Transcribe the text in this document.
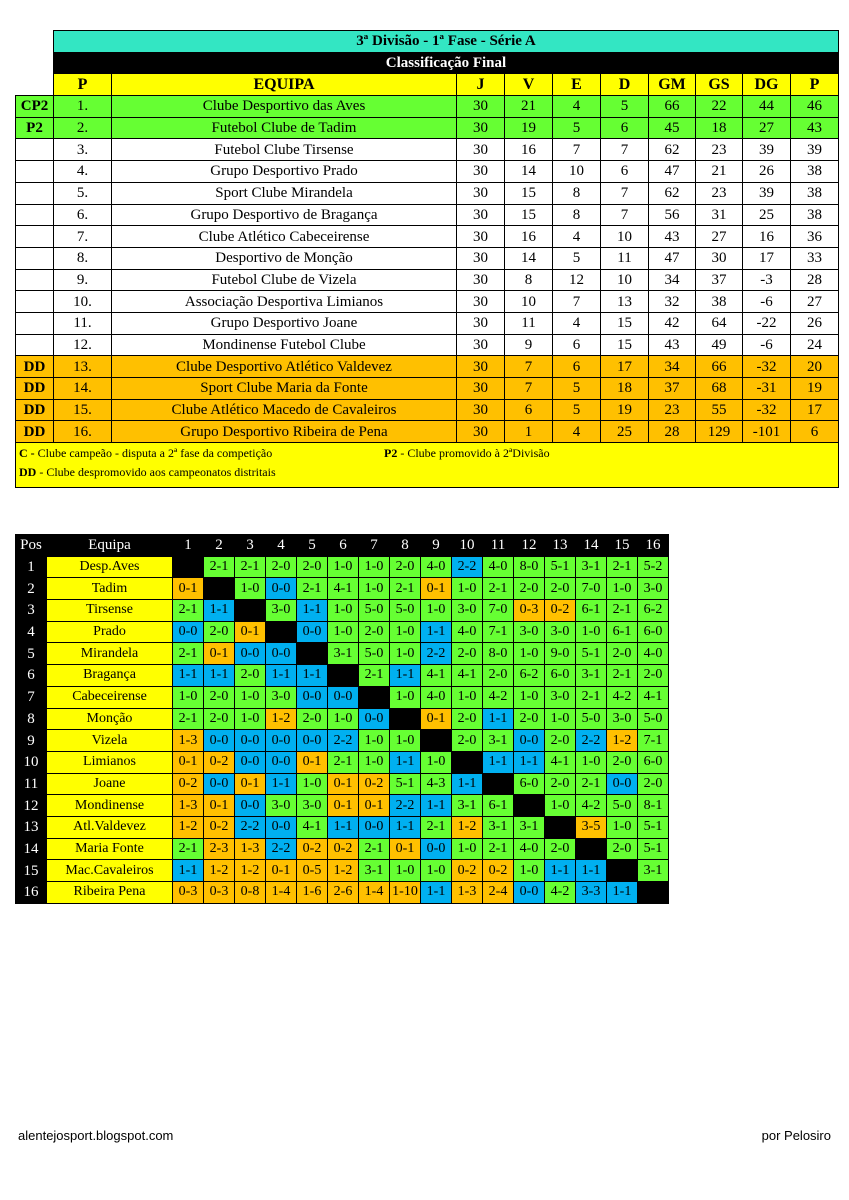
	3ª Divisão - 1ª Fase - Série A									
	Classificação Final									
	P	EQUIPA	J	V	E	D	GM	GS	DG	P
CP2	1.	Clube Desportivo das Aves	30	21	4	5	66	22	44	46
P2	2.	Futebol Clube de Tadim	30	19	5	6	45	18	27	43
	3.	Futebol Clube Tirsense	30	16	7	7	62	23	39	39
	4.	Grupo Desportivo Prado	30	14	10	6	47	21	26	38
	5.	Sport Clube Mirandela	30	15	8	7	62	23	39	38
	6.	Grupo Desportivo de Bragança	30	15	8	7	56	31	25	38
	7.	Clube Atlético Cabeceirense	30	16	4	10	43	27	16	36
	8.	Desportivo de Monção	30	14	5	11	47	30	17	33
	9.	Futebol Clube de Vizela	30	8	12	10	34	37	-3	28
	10.	Associação Desportiva Limianos	30	10	7	13	32	38	-6	27
	11.	Grupo Desportivo Joane	30	11	4	15	42	64	-22	26
	12.	Mondinense Futebol Clube	30	9	6	15	43	49	-6	24
DD	13.	Clube Desportivo Atlético Valdevez	30	7	6	17	34	66	-32	20
DD	14.	Sport Clube Maria da Fonte	30	7	5	18	37	68	-31	19
DD	15.	Clube Atlético Macedo de Cavaleiros	30	6	5	19	23	55	-32	17
DD	16.	Grupo Desportivo Ribeira de Pena	30	1	4	25	28	129	-101	6

C - Clube campeão - disputa a 2ª fase da competição P2 - Clube promovido à 2ªDivisão
DD - Clube despromovido aos campeonatos distritais										
Pos	Equipa	1	2	3	4	5	6	7	8	9	10	11	12	13	14	15	16
1	Desp.Aves		2-1	2-1	2-0	2-0	1-0	1-0	2-0	4-0	2-2	4-0	8-0	5-1	3-1	2-1	5-2
2	Tadim	0-1		1-0	0-0	2-1	4-1	1-0	2-1	0-1	1-0	2-1	2-0	2-0	7-0	1-0	3-0
3	Tirsense	2-1	1-1		3-0	1-1	1-0	5-0	5-0	1-0	3-0	7-0	0-3	0-2	6-1	2-1	6-2
4	Prado	0-0	2-0	0-1		0-0	1-0	2-0	1-0	1-1	4-0	7-1	3-0	3-0	1-0	6-1	6-0
5	Mirandela	2-1	0-1	0-0	0-0		3-1	5-0	1-0	2-2	2-0	8-0	1-0	9-0	5-1	2-0	4-0
6	Bragança	1-1	1-1	2-0	1-1	1-1		2-1	1-1	4-1	4-1	2-0	6-2	6-0	3-1	2-1	2-0
7	Cabeceirense	1-0	2-0	1-0	3-0	0-0	0-0		1-0	4-0	1-0	4-2	1-0	3-0	2-1	4-2	4-1
8	Monção	2-1	2-0	1-0	1-2	2-0	1-0	0-0		0-1	2-0	1-1	2-0	1-0	5-0	3-0	5-0
9	Vizela	1-3	0-0	0-0	0-0	0-0	2-2	1-0	1-0		2-0	3-1	0-0	2-0	2-2	1-2	7-1
10	Limianos	0-1	0-2	0-0	0-0	0-1	2-1	1-0	1-1	1-0		1-1	1-1	4-1	1-0	2-0	6-0
11	Joane	0-2	0-0	0-1	1-1	1-0	0-1	0-2	5-1	4-3	1-1		6-0	2-0	2-1	0-0	2-0
12	Mondinense	1-3	0-1	0-0	3-0	3-0	0-1	0-1	2-2	1-1	3-1	6-1		1-0	4-2	5-0	8-1
13	Atl.Valdevez	1-2	0-2	2-2	0-0	4-1	1-1	0-0	1-1	2-1	1-2	3-1	3-1		3-5	1-0	5-1
14	Maria Fonte	2-1	2-3	1-3	2-2	0-2	0-2	2-1	0-1	0-0	1-0	2-1	4-0	2-0		2-0	5-1
15	Mac.Cavaleiros	1-1	1-2	1-2	0-1	0-5	1-2	3-1	1-0	1-0	0-2	0-2	1-0	1-1	1-1		3-1
16	Ribeira Pena	0-3	0-3	0-8	1-4	1-6	2-6	1-4	1-10	1-1	1-3	2-4	0-0	4-2	3-3	1-1	
alentejosport.blogspot.com	por Pelosiro
